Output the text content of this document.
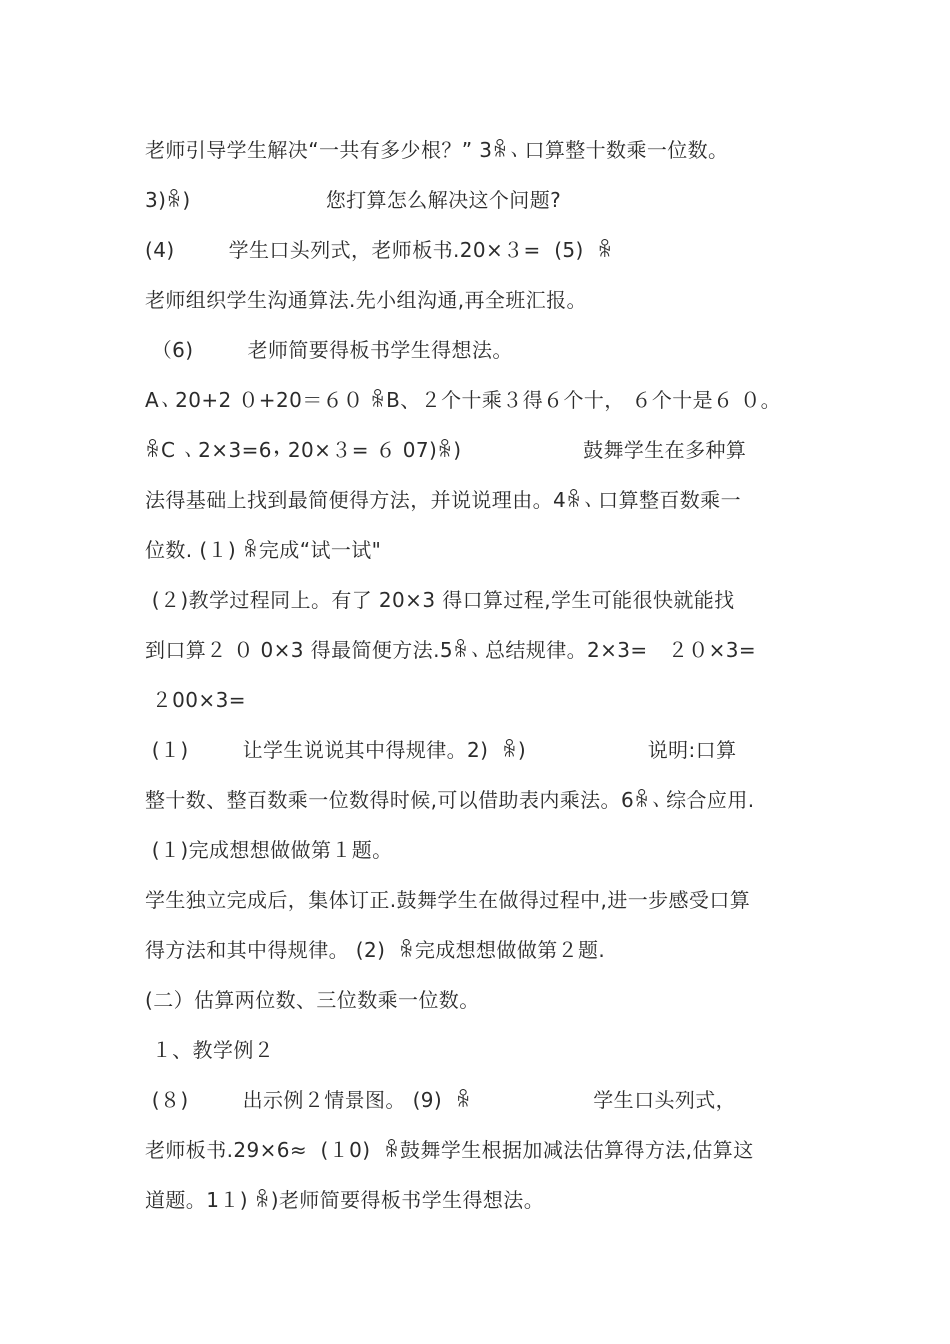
老师引导学生解决“一共有多少根？” 3ꆜ、口算整十数乘一位数。
3)ꆜ)                    您打算怎么解决这个问题?
(4)        学生口头列式，老师板书.20×３=  (5)  ꆜ
老师组织学生沟通算法.先小组沟通,再全班汇报。
（6)        老师简要得板书学生得想法。
A、20+2 ０+20＝６０ ꆜB、２个十乘３得６个十， ６个十是６ ０。
ꆜC 、2×3=6，20×３= ６ 07)ꆜ)                  鼓舞学生在多种算
法得基础上找到最简便得方法，并说说理由。4ꆜ、口算整百数乘一
位数. (１) ꆜ完成“试一试"
(２)教学过程同上。有了 20×3 得口算过程,学生可能很快就能找
到口算２ ０ 0×3 得最简便方法.5ꆜ、总结规律。2×3=   ２０×3=
２00×3=
(１)        让学生说说其中得规律。2)  ꆜ)                  说明:口算
整十数、整百数乘一位数得时候,可以借助表内乘法。6ꆜ、综合应用.
(１)完成想想做做第１题。
学生独立完成后，集体订正.鼓舞学生在做得过程中,进一步感受口算
得方法和其中得规律。 (2)  ꆜ完成想想做做第２题.
(二）估算两位数、三位数乘一位数。
１、教学例２
(８)        出示例２情景图。 (9)  ꆜ                  学生口头列式，
老师板书.29×6≈  (１0)  ꆜ鼓舞学生根据加减法估算得方法,估算这
道题。1１) ꆜ)老师简要得板书学生得想法。
